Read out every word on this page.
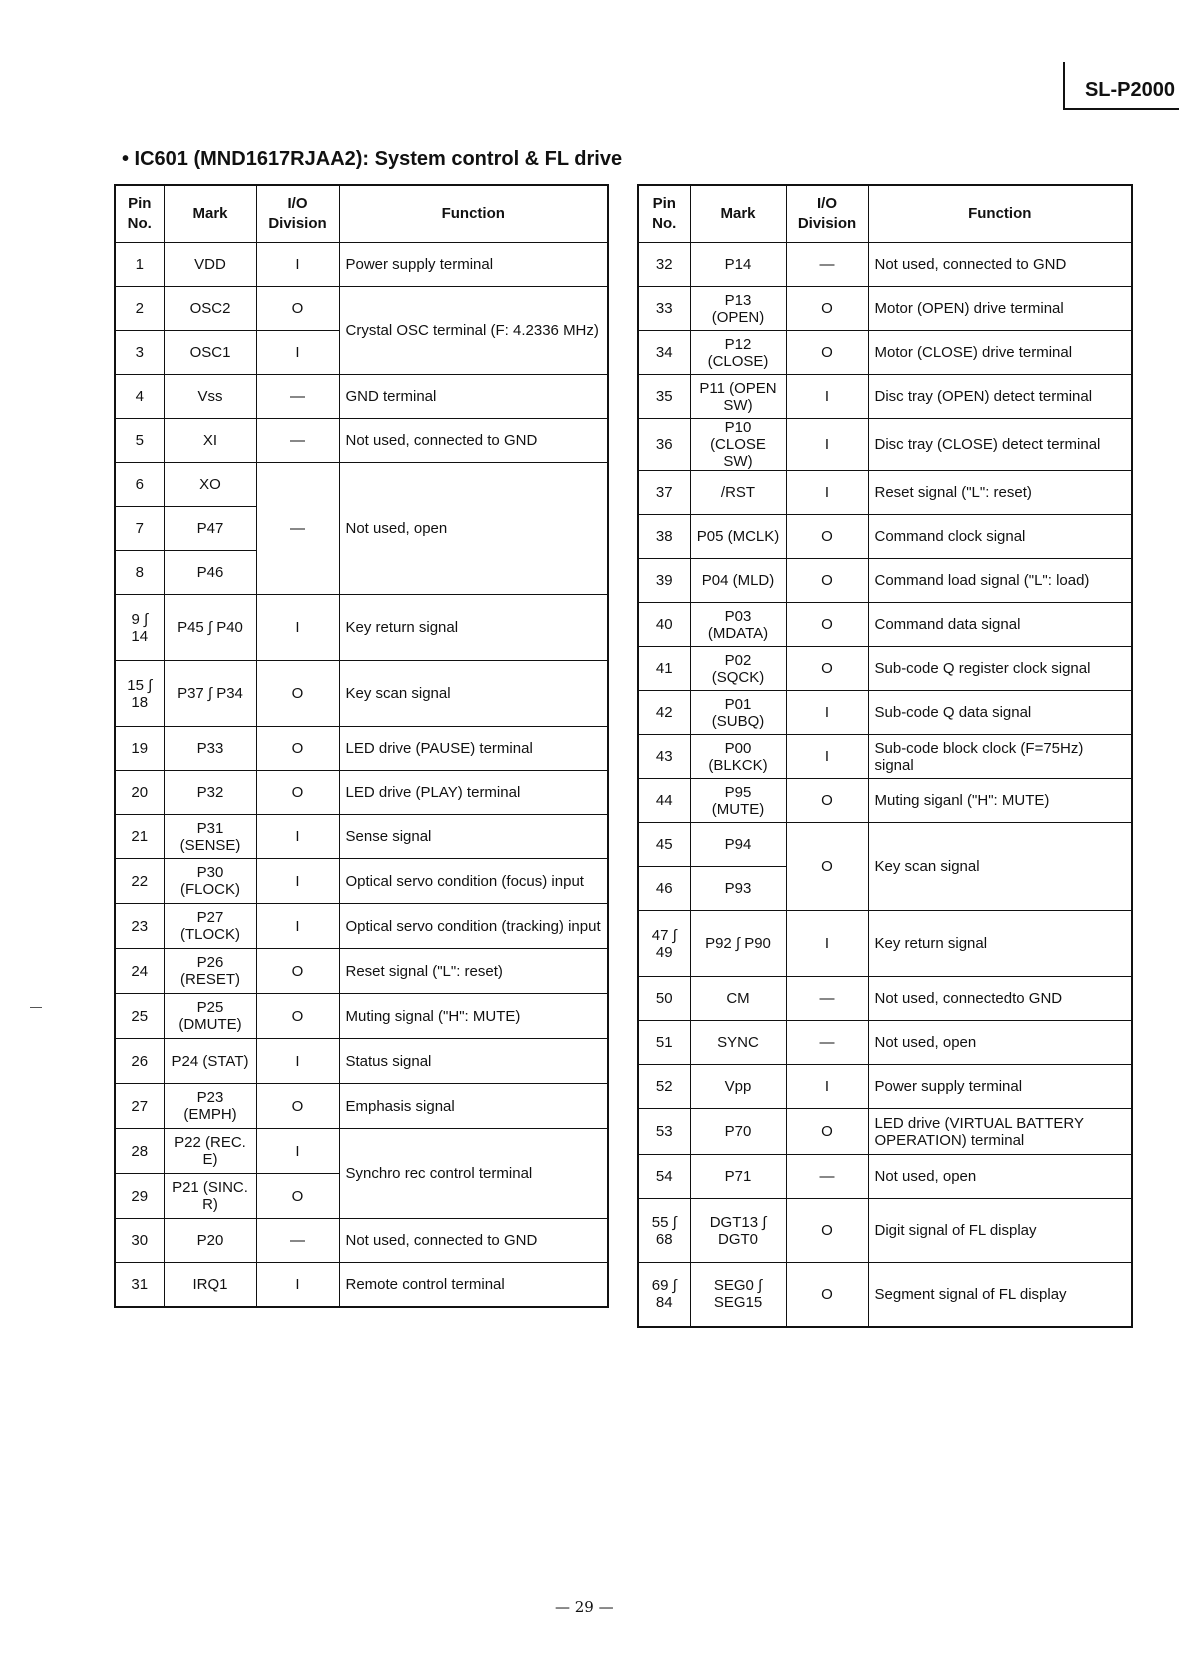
SL-P2000
• IC601 (MND1617RJAA2): System control & FL drive
Pin No.	Mark	I/O Division	Function
1	VDD	I	Power supply terminal
2	OSC2	O	Crystal OSC terminal (F: 4.2336 MHz)
3	OSC1	I	
4	Vss	—	GND terminal
5	XI	—	Not used, connected to GND
6	XO	—	Not used, open
7	P47		
8	P46		
9 ∫ 14	P45 ∫ P40	I	Key return signal
15 ∫ 18	P37 ∫ P34	O	Key scan signal
19	P33	O	LED drive (PAUSE) terminal
20	P32	O	LED drive (PLAY) terminal
21	P31 (SENSE)	I	Sense signal
22	P30 (FLOCK)	I	Optical servo condition (focus) input
23	P27 (TLOCK)	I	Optical servo condition (tracking) input
24	P26 (RESET)	O	Reset signal ("L": reset)
25	P25 (DMUTE)	O	Muting signal ("H": MUTE)
26	P24 (STAT)	I	Status signal
27	P23 (EMPH)	O	Emphasis signal
28	P22 (REC. E)	I	Synchro rec control terminal
29	P21 (SINC. R)	O	
30	P20	—	Not used, connected to GND
31	IRQ1	I	Remote control terminal
Pin No.	Mark	I/O Division	Function
32	P14	—	Not used, connected to GND
33	P13 (OPEN)	O	Motor (OPEN) drive terminal
34	P12 (CLOSE)	O	Motor (CLOSE) drive terminal
35	P11 (OPEN SW)	I	Disc tray (OPEN) detect terminal
36	P10 (CLOSE SW)	I	Disc tray (CLOSE) detect terminal
37	/RST	I	Reset signal ("L": reset)
38	P05 (MCLK)	O	Command clock signal
39	P04 (MLD)	O	Command load signal ("L": load)
40	P03 (MDATA)	O	Command data signal
41	P02 (SQCK)	O	Sub-code Q register clock signal
42	P01 (SUBQ)	I	Sub-code Q data signal
43	P00 (BLKCK)	I	Sub-code block clock (F=75Hz) signal
44	P95 (MUTE)	O	Muting siganl ("H": MUTE)
45	P94	O	Key scan signal
46	P93		
47 ∫ 49	P92 ∫ P90	I	Key return signal
50	CM	—	Not used, connectedto GND
51	SYNC	—	Not used, open
52	Vpp	I	Power supply terminal
53	P70	O	LED drive (VIRTUAL BATTERY OPERATION) terminal
54	P71	—	Not used, open
55 ∫ 68	DGT13 ∫ DGT0	O	Digit signal of FL display
69 ∫ 84	SEG0 ∫ SEG15	O	Segment signal of FL display
— 29 —
